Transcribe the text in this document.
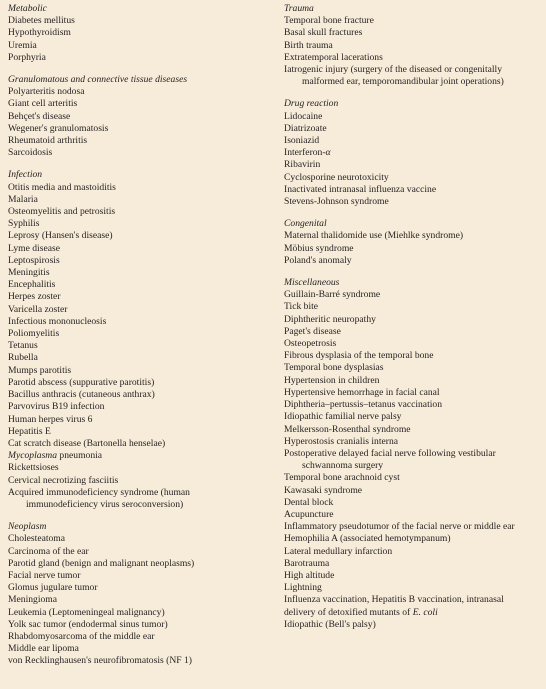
Metabolic
Diabetes mellitus
Hypothyroidism
Uremia
Porphyria
Granulomatous and connective tissue diseases
Polyarteritis nodosa
Giant cell arteritis
Behçet's disease
Wegener's granulomatosis
Rheumatoid arthritis
Sarcoidosis
Infection
Otitis media and mastoiditis
Malaria
Osteomyelitis and petrositis
Syphilis
Leprosy (Hansen's disease)
Lyme disease
Leptospirosis
Meningitis
Encephalitis
Herpes zoster
Varicella zoster
Infectious mononucleosis
Poliomyelitis
Tetanus
Rubella
Mumps parotitis
Parotid abscess (suppurative parotitis)
Bacillus anthracis (cutaneous anthrax)
Parvovirus B19 infection
Human herpes virus 6
Hepatitis E
Cat scratch disease (Bartonella henselae)
Mycoplasma pneumonia
Rickettsioses
Cervical necrotizing fasciitis
Acquired immunodeficiency syndrome (human
immunodeficiency virus seroconversion)
Neoplasm
Cholesteatoma
Carcinoma of the ear
Parotid gland (benign and malignant neoplasms)
Facial nerve tumor
Glomus jugulare tumor
Meningioma
Leukemia (Leptomeningeal malignancy)
Yolk sac tumor (endodermal sinus tumor)
Rhabdomyosarcoma of the middle ear
Middle ear lipoma
von Recklinghausen's neurofibromatosis (NF 1)
Trauma
Temporal bone fracture
Basal skull fractures
Birth trauma
Extratemporal lacerations
Iatrogenic injury (surgery of the diseased or congenitally
malformed ear, temporomandibular joint operations)
Drug reaction
Lidocaine
Diatrizoate
Isoniazid
Interferon-α
Ribavirin
Cyclosporine neurotoxicity
Inactivated intranasal influenza vaccine
Stevens-Johnson syndrome
Congenital
Maternal thalidomide use (Miehlke syndrome)
Möbius syndrome
Poland's anomaly
Miscellaneous
Guillain-Barré syndrome
Tick bite
Diphtheritic neuropathy
Paget's disease
Osteopetrosis
Fibrous dysplasia of the temporal bone
Temporal bone dysplasias
Hypertension in children
Hypertensive hemorrhage in facial canal
Diphtheria–pertussis–tetanus vaccination
Idiopathic familial nerve palsy
Melkersson-Rosenthal syndrome
Hyperostosis cranialis interna
Postoperative delayed facial nerve following vestibular
schwannoma surgery
Temporal bone arachnoid cyst
Kawasaki syndrome
Dental block
Acupuncture
Inflammatory pseudotumor of the facial nerve or middle ear
Hemophilia A (associated hemotympanum)
Lateral medullary infarction
Barotrauma
High altitude
Lightning
Influenza vaccination, Hepatitis B vaccination, intranasal
delivery of detoxified mutants of E. coli
Idiopathic (Bell's palsy)
